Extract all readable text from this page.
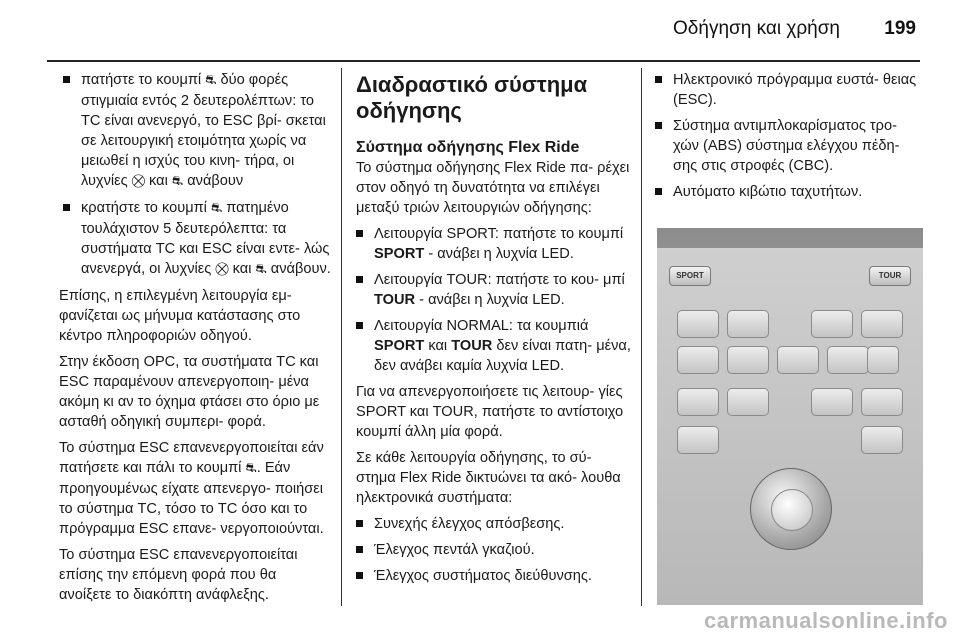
Οδήγηση και χρήση 199
πατήστε το κουμπί ⛐ δύο φορές στιγμιαία εντός 2 δευτερολέπτων: το TC είναι ανενεργό, το ESC βρί- σκεται σε λειτουργική ετοιμότητα χωρίς να μειωθεί η ισχύς του κινη- τήρα, οι λυχνίες ⛒ και ⛐ ανάβουν
κρατήστε το κουμπί ⛐ πατημένο τουλάχιστον 5 δευτερόλεπτα: τα συστήματα TC και ESC είναι εντε- λώς ανενεργά, οι λυχνίες ⛒ και ⛐ ανάβουν.

Επίσης, η επιλεγμένη λειτουργία εμ- φανίζεται ως μήνυμα κατάστασης στο κέντρο πληροφοριών οδηγού.

Στην έκδοση OPC, τα συστήματα TC και ESC παραμένουν απενεργοποιη- μένα ακόμη κι αν το όχημα φτάσει στο όριο με ασταθή οδηγική συμπερι- φορά.

Το σύστημα ESC επανενεργοποιείται εάν πατήσετε και πάλι το κουμπί ⛐. Εάν προηγουμένως είχατε απενεργο- ποιήσει το σύστημα TC, τόσο το TC όσο και το πρόγραμμα ESC επανε- νεργοποιούνται.

Το σύστημα ESC επανενεργοποιείται επίσης την επόμενη φορά που θα ανοίξετε το διακόπτη ανάφλεξης.

Διαδραστικό σύστημα οδήγησης
Σύστημα οδήγησης Flex Ride

Το σύστημα οδήγησης Flex Ride πα- ρέχει στον οδηγό τη δυνατότητα να επιλέγει μεταξύ τριών λειτουργιών οδήγησης:

Λειτουργία SPORT: πατήστε το κουμπί SPORT - ανάβει η λυχνία LED.
Λειτουργία TOUR: πατήστε το κου- μπί TOUR - ανάβει η λυχνία LED.
Λειτουργία NORMAL: τα κουμπιά SPORT και TOUR δεν είναι πατη- μένα, δεν ανάβει καμία λυχνία LED.

Για να απενεργοποιήσετε τις λειτουρ- γίες SPORT και TOUR, πατήστε το αντίστοιχο κουμπί άλλη μία φορά.

Σε κάθε λειτουργία οδήγησης, το σύ- στημα Flex Ride δικτυώνει τα ακό- λουθα ηλεκτρονικά συστήματα:

Συνεχής έλεγχος απόσβεσης.
Έλεγχος πεντάλ γκαζιού.
Έλεγχος συστήματος διεύθυνσης.
Ηλεκτρονικό πρόγραμμα ευστά- θειας (ESC).
Σύστημα αντιμπλοκαρίσματος τρο- χών (ABS) σύστημα ελέγχου πέδη- σης στις στροφές (CBC).
Αυτόματο κιβώτιο ταχυτήτων.
SPORT	TOUR
carmanualsonline.info
